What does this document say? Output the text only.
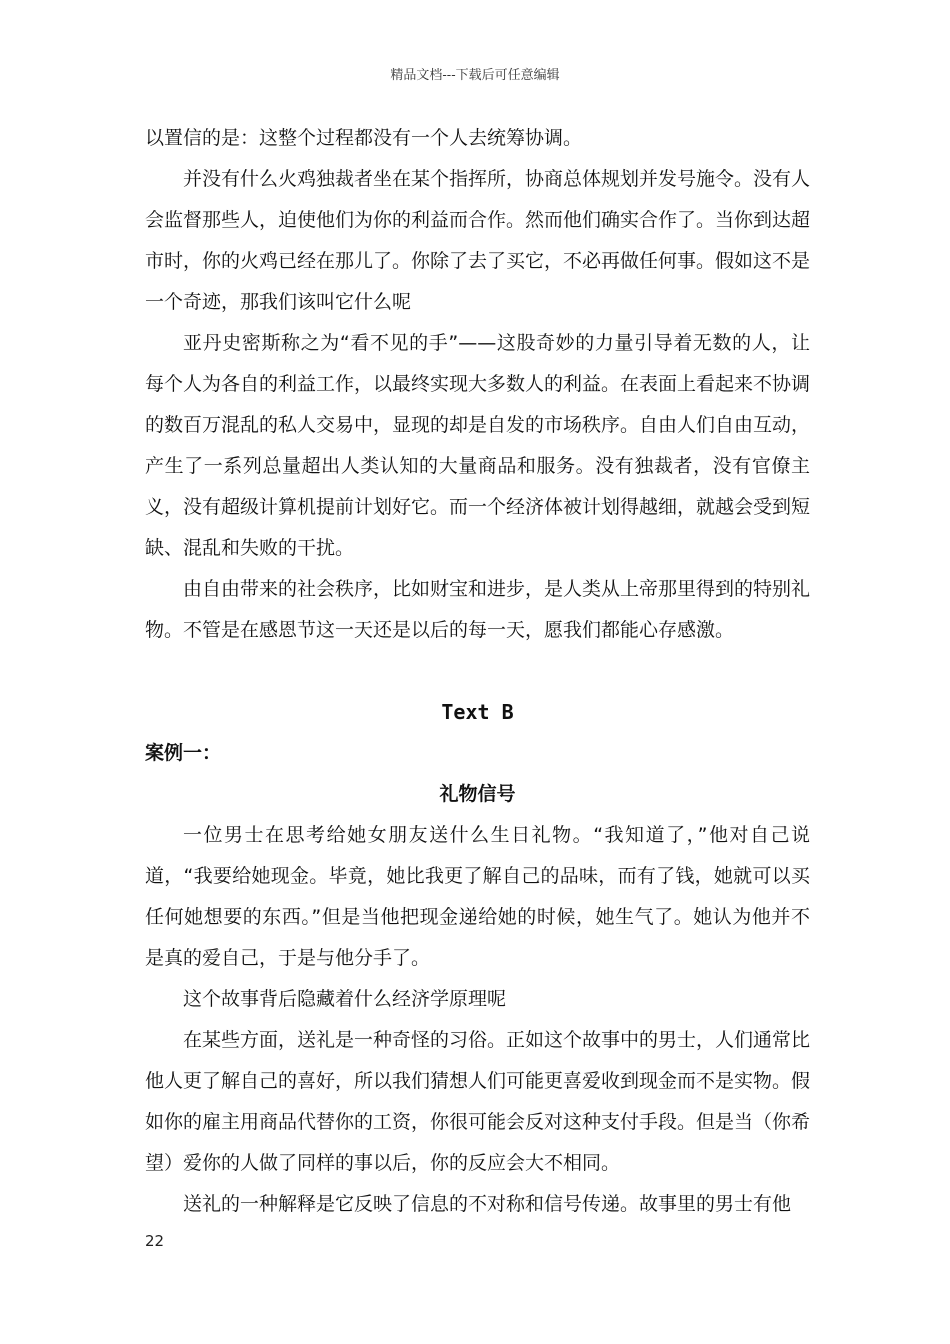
精品文档---下载后可任意编辑

以置信的是：这整个过程都没有一个人去统筹协调。

并没有什么火鸡独裁者坐在某个指挥所，协商总体规划并发号施令。没有人会监督那些人，迫使他们为你的利益而合作。然而他们确实合作了。当你到达超市时，你的火鸡已经在那儿了。你除了去了买它，不必再做任何事。假如这不是一个奇迹，那我们该叫它什么呢

亚丹史密斯称之为“看不见的手”——这股奇妙的力量引导着无数的人，让每个人为各自的利益工作，以最终实现大多数人的利益。在表面上看起来不协调的数百万混乱的私人交易中，显现的却是自发的市场秩序。自由人们自由互动，产生了一系列总量超出人类认知的大量商品和服务。没有独裁者，没有官僚主义，没有超级计算机提前计划好它。而一个经济体被计划得越细，就越会受到短缺、混乱和失败的干扰。

由自由带来的社会秩序，比如财宝和进步，是人类从上帝那里得到的特别礼物。不管是在感恩节这一天还是以后的每一天，愿我们都能心存感激。

Text B

案例一：

礼物信号

一位男士在思考给她女朋友送什么生日礼物。“我知道了，”他对自己说道，“我要给她现金。毕竟，她比我更了解自己的品味，而有了钱，她就可以买任何她想要的东西。”但是当他把现金递给她的时候，她生气了。她认为他并不是真的爱自己，于是与他分手了。

这个故事背后隐藏着什么经济学原理呢

在某些方面，送礼是一种奇怪的习俗。正如这个故事中的男士，人们通常比他人更了解自己的喜好，所以我们猜想人们可能更喜爱收到现金而不是实物。假如你的雇主用商品代替你的工资，你很可能会反对这种支付手段。但是当（你希望）爱你的人做了同样的事以后，你的反应会大不相同。

送礼的一种解释是它反映了信息的不对称和信号传递。故事里的男士有他

22
